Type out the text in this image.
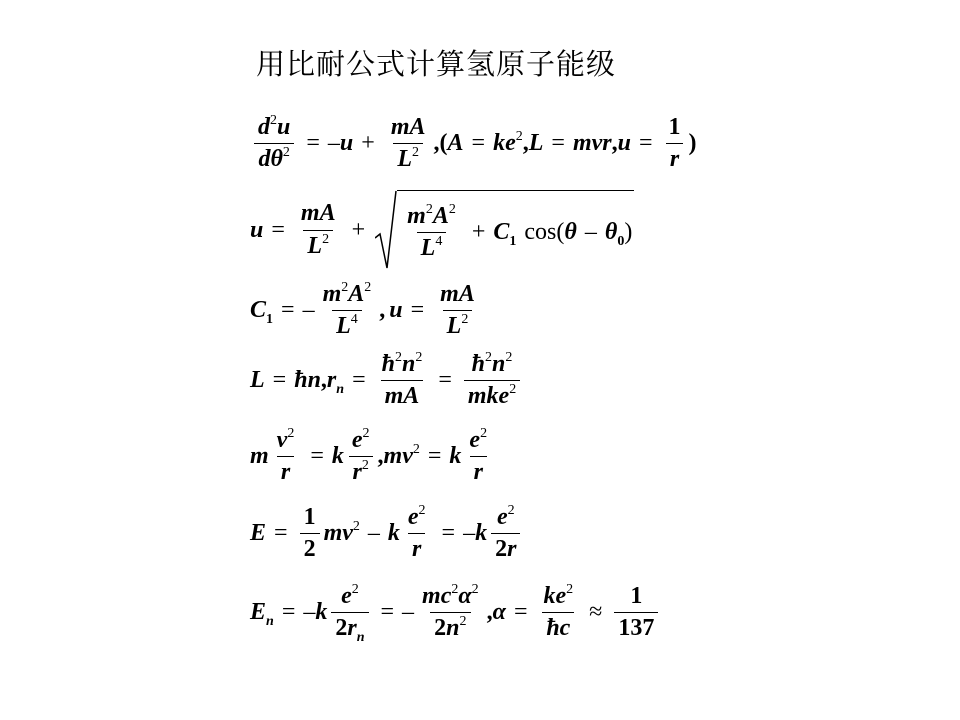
用比耐公式计算氢原子能级
$\frac{d^2u}{d\theta^2}$ = – $u + \frac{mA}{L^2}$ ,( $A = ke^2$ , L = mvr , $u = \frac{1}{r}$ )
$u = \frac{mA}{L^2} + \frac{m^2A^2}{L^4} + C_1$ cos( θ – $\theta_0$ )
$C_1$ = – $\frac{m^2A^2}{L^4}$ , $u = \frac{mA}{L^2}$
L = ħn , $r_n = \frac{ħ^2n^2}{mA} = \frac{ħ^2n^2}{mke^2}$
m $\frac{v^2}{r} = k \frac{e^2}{r^2}$ , $mv^2 = k \frac{e^2}{r}$
$E = \frac{1}{2} mv^2 - k \frac{e^2}{r}$ = – k $\frac{e^2}{2r}$
$E_n$ = – k $\frac{e^2}{2r_n}$ = – $\frac{mc^2\alpha^2}{2n^2}$ , $\alpha = \frac{ke^2}{ħc} \approx \frac{1}{137}$
